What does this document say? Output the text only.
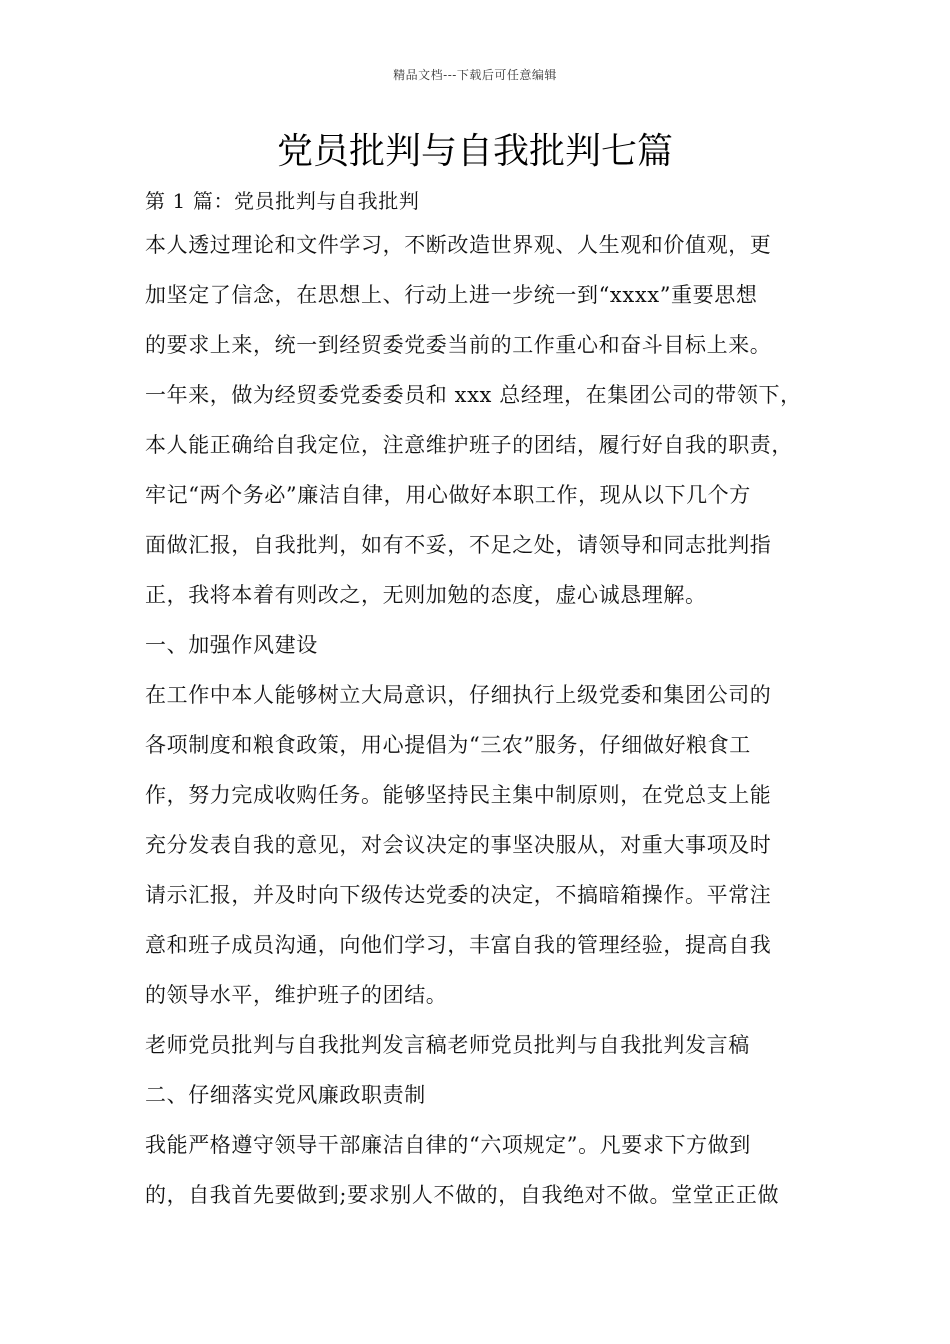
精品文档---下载后可任意编辑
党员批判与自我批判七篇
第 1 篇：党员批判与自我批判
本人透过理论和文件学习，不断改造世界观、人生观和价值观，更
加坚定了信念，在思想上、行动上进一步统一到“xxxx”重要思想
的要求上来，统一到经贸委党委当前的工作重心和奋斗目标上来。
一年来，做为经贸委党委委员和 xxx 总经理，在集团公司的带领下，
本人能正确给自我定位，注意维护班子的团结，履行好自我的职责，
牢记“两个务必”廉洁自律，用心做好本职工作，现从以下几个方
面做汇报，自我批判，如有不妥，不足之处，请领导和同志批判指
正，我将本着有则改之，无则加勉的态度，虚心诚恳理解。
一、加强作风建设
在工作中本人能够树立大局意识，仔细执行上级党委和集团公司的
各项制度和粮食政策，用心提倡为“三农”服务，仔细做好粮食工
作，努力完成收购任务。能够坚持民主集中制原则，在党总支上能
充分发表自我的意见，对会议决定的事坚决服从，对重大事项及时
请示汇报，并及时向下级传达党委的决定，不搞暗箱操作。平常注
意和班子成员沟通，向他们学习，丰富自我的管理经验，提高自我
的领导水平，维护班子的团结。
老师党员批判与自我批判发言稿老师党员批判与自我批判发言稿
二、仔细落实党风廉政职责制
我能严格遵守领导干部廉洁自律的“六项规定”。凡要求下方做到
的，自我首先要做到;要求别人不做的，自我绝对不做。堂堂正正做
